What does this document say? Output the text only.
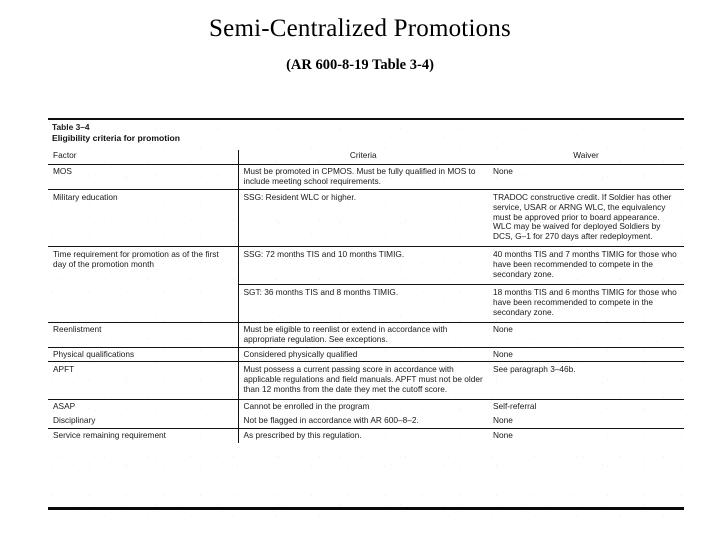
Semi-Centralized Promotions
(AR 600-8-19 Table 3-4)
Table 3–4
Eligibility criteria for promotion
Factor	Criteria	Waiver
MOS	Must be promoted in CPMOS. Must be fully qualified in MOS to include meeting school requirements.	None
Military education	SSG: Resident WLC or higher.	TRADOC constructive credit. If Soldier has other service, USAR or ARNG WLC, the equivalency must be approved prior to board appearance. WLC may be waived for deployed Soldiers by DCS, G–1 for 270 days after redeployment.
Time requirement for promotion as of the first day of the promotion month	SSG: 72 months TIS and 10 months TIMIG.	40 months TIS and 7 months TIMIG for those who have been recommended to compete in the secondary zone.
	SGT: 36 months TIS and 8 months TIMIG.	18 months TIS and 6 months TIMIG for those who have been recommended to compete in the secondary zone.
Reenlistment	Must be eligible to reenlist or extend in accordance with appropriate regulation. See exceptions.	None
Physical qualifications	Considered physically qualified	None
APFT	Must possess a current passing score in accordance with applicable regulations and field manuals. APFT must not be older than 12 months from the date they met the cutoff score.	See paragraph 3–46b.
ASAP	Cannot be enrolled in the program	Self-referral
Disciplinary	Not be flagged in accordance with AR 600–8–2.	None
Service remaining requirement	As prescribed by this regulation.	None
